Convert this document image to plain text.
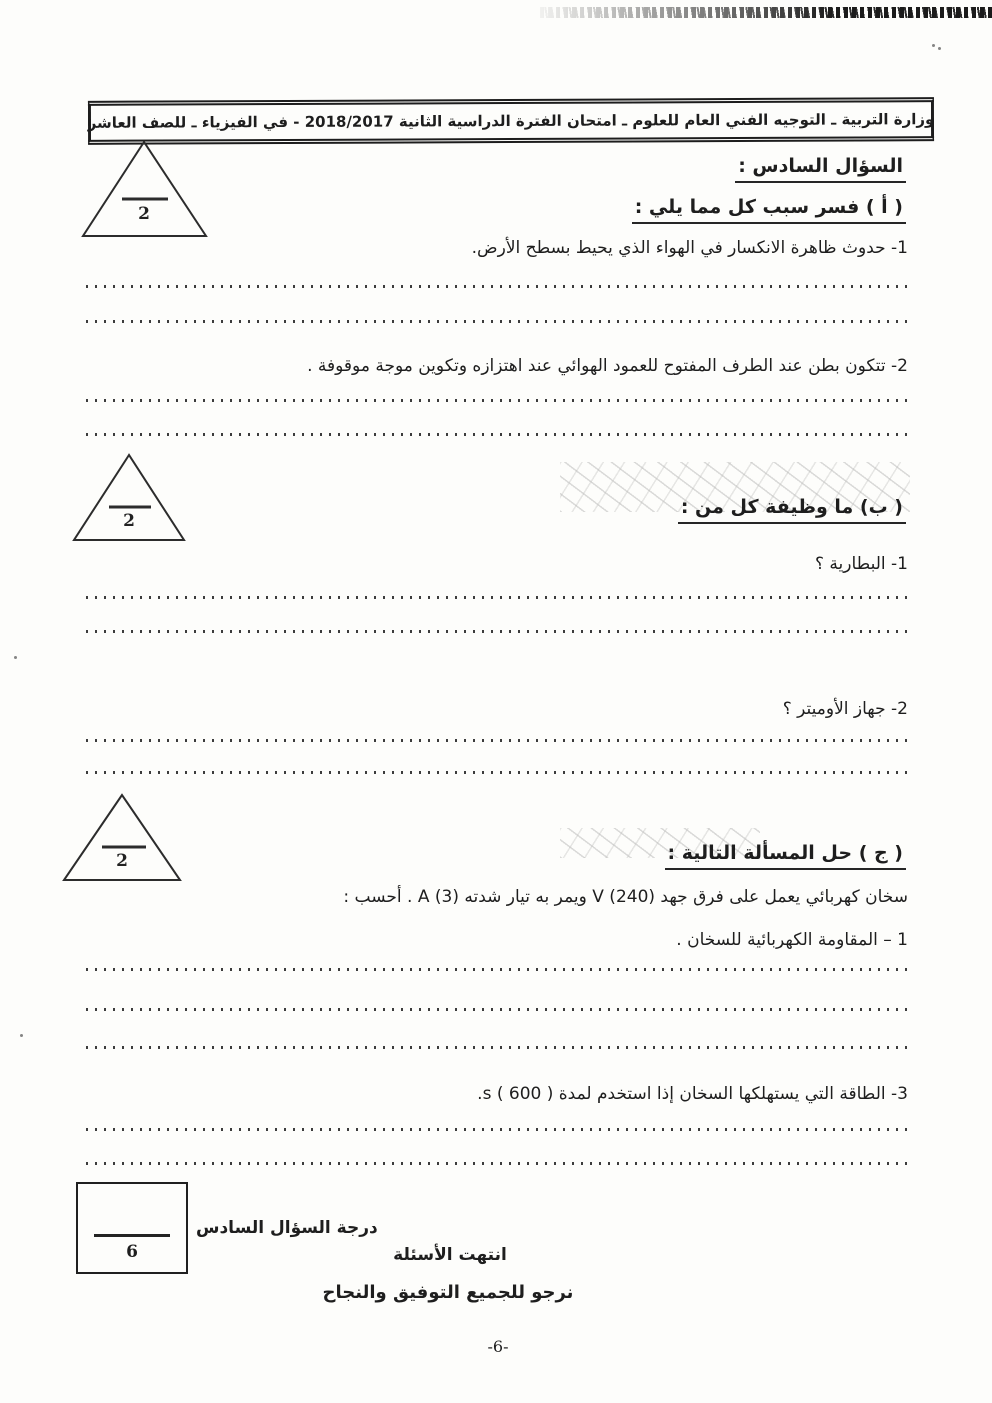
وزارة التربية ـ التوجيه الفني العام للعلوم ـ امتحان الفترة الدراسية الثانية 2018/2017 - في الفيزياء ـ للصف العاشر
2
السؤال السادس :
( أ ) فسر سبب كل مما يلي :
1- حدوث ظاهرة الانكسار في الهواء الذي يحيط بسطح الأرض.
2- تتكون بطن عند الطرف المفتوح للعمود الهوائي عند اهتزازه وتكوين موجة موقوفة .
2
( ب) ما وظيفة كل من :
1- البطارية ؟
2- جهاز الأوميتر ؟
2	( ج ) حل المسألة التالية :
سخان كهربائي يعمل على فرق جهد (240) V ويمر به تيار شدته (3) A . أحسب :
1 – المقاومة الكهربائية للسخان .
3- الطاقة التي يستهلكها السخان إذا استخدم لمدة s ( 600 ).
6
درجة السؤال السادس
انتهت الأسئلة
نرجو للجميع التوفيق والنجاح
-6-
